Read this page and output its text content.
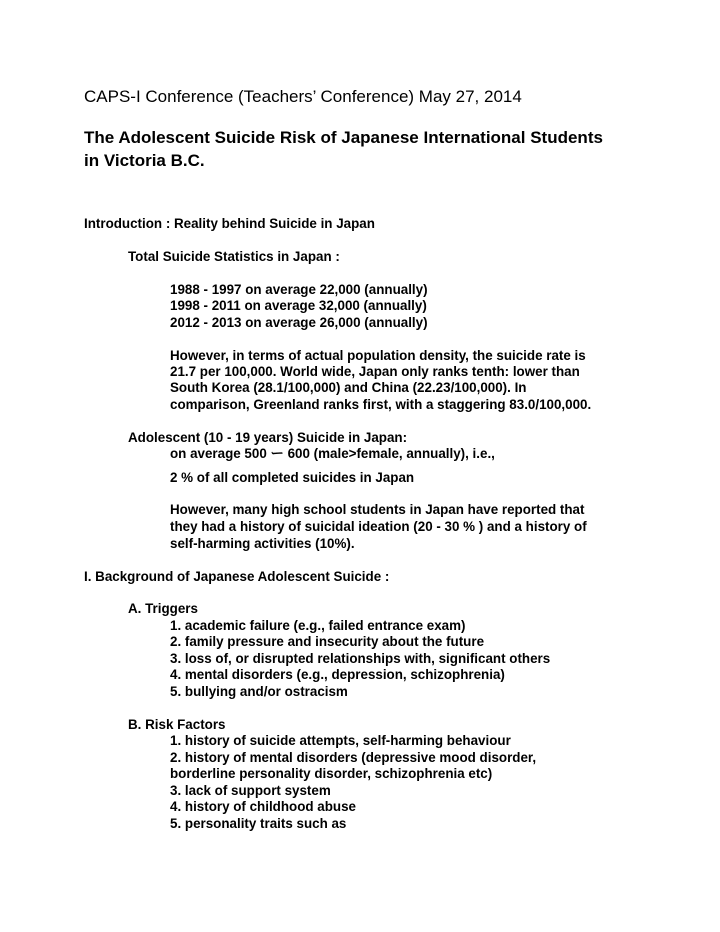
CAPS-I Conference (Teachers’ Conference) May 27, 2014
The Adolescent Suicide Risk of Japanese International Students
in Victoria B.C.
Introduction : Reality behind Suicide in Japan
Total Suicide Statistics in Japan :
1988 - 1997 on average 22,000 (annually)
1998 - 2011 on average 32,000 (annually)
2012 - 2013 on average 26,000 (annually)
However, in terms of actual population density, the suicide rate is
21.7 per 100,000. World wide, Japan only ranks tenth: lower than
South Korea (28.1/100,000) and China (22.23/100,000). In
comparison, Greenland ranks first, with a staggering 83.0/100,000.
Adolescent (10 - 19 years) Suicide in Japan:
on average 500 ー 600 (male>female, annually), i.e.,
2 % of all completed suicides in Japan
However, many high school students in Japan have reported that
they had a history of suicidal ideation (20 - 30 % ) and a history of
self-harming activities (10%).
I. Background of Japanese Adolescent Suicide :
A. Triggers
1. academic failure (e.g., failed entrance exam)
2. family pressure and insecurity about the future
3. loss of, or disrupted relationships with, significant others
4. mental disorders (e.g., depression, schizophrenia)
5. bullying and/or ostracism
B. Risk Factors
1. history of suicide attempts, self-harming behaviour
2. history of mental disorders (depressive mood disorder,
borderline personality disorder, schizophrenia etc)
3. lack of support system
4. history of childhood abuse
5. personality traits such as
